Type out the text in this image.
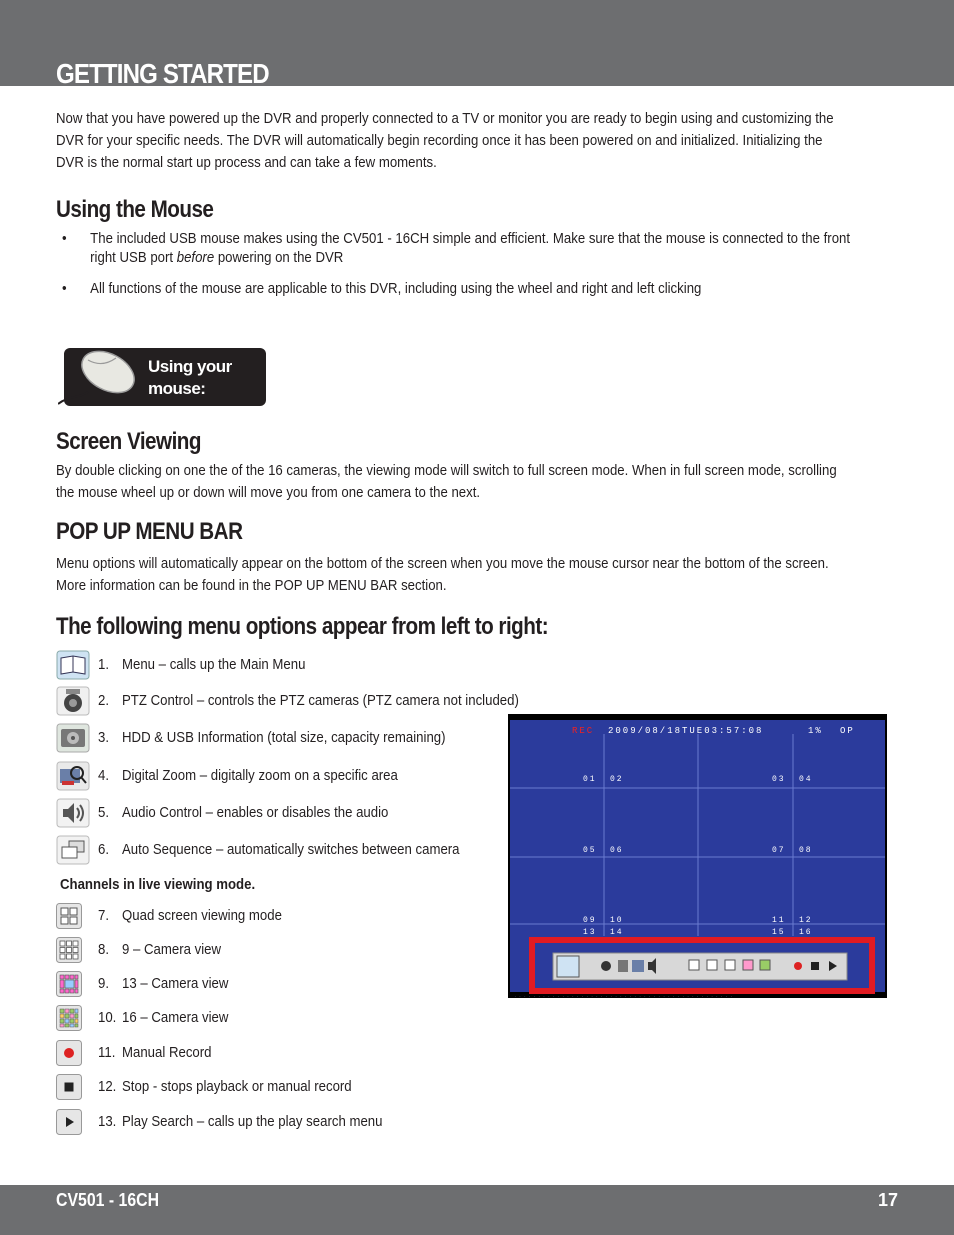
GETTING STARTED

Now that you have powered up the DVR and properly connected to a TV or monitor you are ready to begin using and customizing the DVR for your specific needs. The DVR will automatically begin recording once it has been powered on and initialized. Initializing the DVR is the normal start up process and can take a few moments.

Using the Mouse
• The included USB mouse makes using the CV501 - 16CH simple and efficient. Make sure that the mouse is connected to the front right USB port before powering on the DVR
• All functions of the mouse are applicable to this DVR, including using the wheel and right and left clicking
Using your
mouse:
Screen Viewing

By double clicking on one the of the 16 cameras, the viewing mode will switch to full screen mode. When in full screen mode, scrolling the mouse wheel up or down will move you from one camera to the next.

POP UP MENU BAR

Menu options will automatically appear on the bottom of the screen when you move the mouse cursor near the bottom of the screen. More information can be found in the POP UP MENU BAR section.

The following menu options appear from left to right:
1. Menu – calls up the Main Menu
2. PTZ Control – controls the PTZ cameras (PTZ camera not included)
3. HDD & USB Information (total size, capacity remaining)
4. Digital Zoom – digitally zoom on a specific area
5. Audio Control – enables or disables the audio
6. Auto Sequence – automatically switches between camera
Channels in live viewing mode.
7. Quad screen viewing mode
8. 9 – Camera view
9. 13 – Camera view
10. 16 – Camera view
11. Manual Record
12. Stop - stops playback or manual record
13. Play Search – calls up the play search menu
REC 2009/08/18TUE03:57:08	1% OP
01 02	03 04
05 06	07 08
09 10	11 12
13 14	15 16
. . . . . . . . . . . . . . . . . . . . . . . . . . . . . . . . . . . . . . . . . . . . . .
CV501 - 16CH	17
